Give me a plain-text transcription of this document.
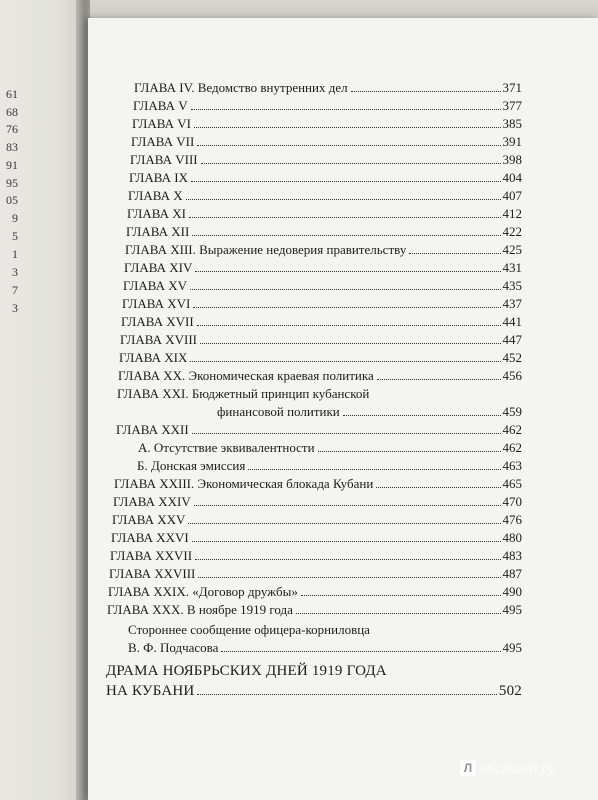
61
68
76
83
91
95
05
9
5
1
3
7
3
ГЛАВА IV. Ведомство внутренних дел	371
ГЛАВА V	377
ГЛАВА VI	385
ГЛАВА VII	391
ГЛАВА VIII	398
ГЛАВА IX	404
ГЛАВА X	407
ГЛАВА XI	412
ГЛАВА XII	422
ГЛАВА XIII. Выражение недоверия правительству	425
ГЛАВА XIV	431
ГЛАВА XV	435
ГЛАВА XVI	437
ГЛАВА XVII	441
ГЛАВА XVIII	447
ГЛАВА XIX	452
ГЛАВА XX. Экономическая краевая политика	456
ГЛАВА XXI. Бюджетный принцип кубанской
финансовой политики	459
ГЛАВА XXII	462
А. Отсутствие эквивалентности	462
Б. Донская эмиссия	463
ГЛАВА XXIII. Экономическая блокада Кубани	465
ГЛАВА XXIV	470
ГЛАВА XXV	476
ГЛАВА XXVI	480
ГЛАВА XXVII	483
ГЛАВА XXVIII	487
ГЛАВА XXIX. «Договор дружбы»	490
ГЛАВА XXX. В ноябре 1919 года	495
Стороннее сообщение офицера-корниловца
В. Ф. Подчасова	495
ДРАМА НОЯБРЬСКИХ ДНЕЙ 1919 ГОДА
НА КУБАНИ	502
Л абиринт.ру
